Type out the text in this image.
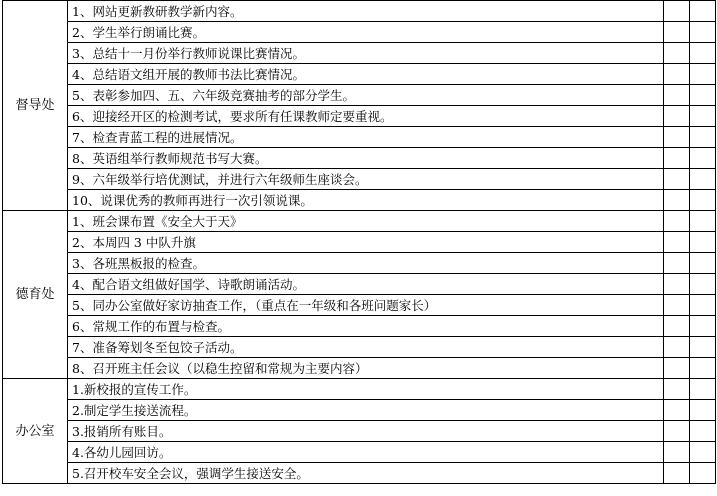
督导处	1、网站更新教研教学新内容。		
	2、学生举行朗诵比赛。		
	3、总结十一月份举行教师说课比赛情况。		
	4、总结语文组开展的教师书法比赛情况。		
	5、表彰参加四、五、六年级竞赛抽考的部分学生。		
	6、迎接经开区的检测考试，要求所有任课教师定要重视。		
	7、检查青蓝工程的进展情况。		
	8、英语组举行教师规范书写大赛。		
	9、六年级举行培优测试，并进行六年级师生座谈会。		
	10、说课优秀的教师再进行一次引领说课。		
德育处	1、班会课布置《安全大于天》		
	2、本周四 3 中队升旗		
	3、各班黑板报的检查。		
	4、配合语文组做好国学、诗歌朗诵活动。		
	5、同办公室做好家访抽查工作，（重点在一年级和各班问题家长）		
	6、常规工作的布置与检查。		
	7、准备筹划冬至包饺子活动。		
	8、召开班主任会议（以稳生控留和常规为主要内容）		
办公室	1.新校报的宣传工作。		
	2.制定学生接送流程。		
	3.报销所有账目。		
	4.各幼儿园回访。		
	5.召开校车安全会议，强调学生接送安全。		
